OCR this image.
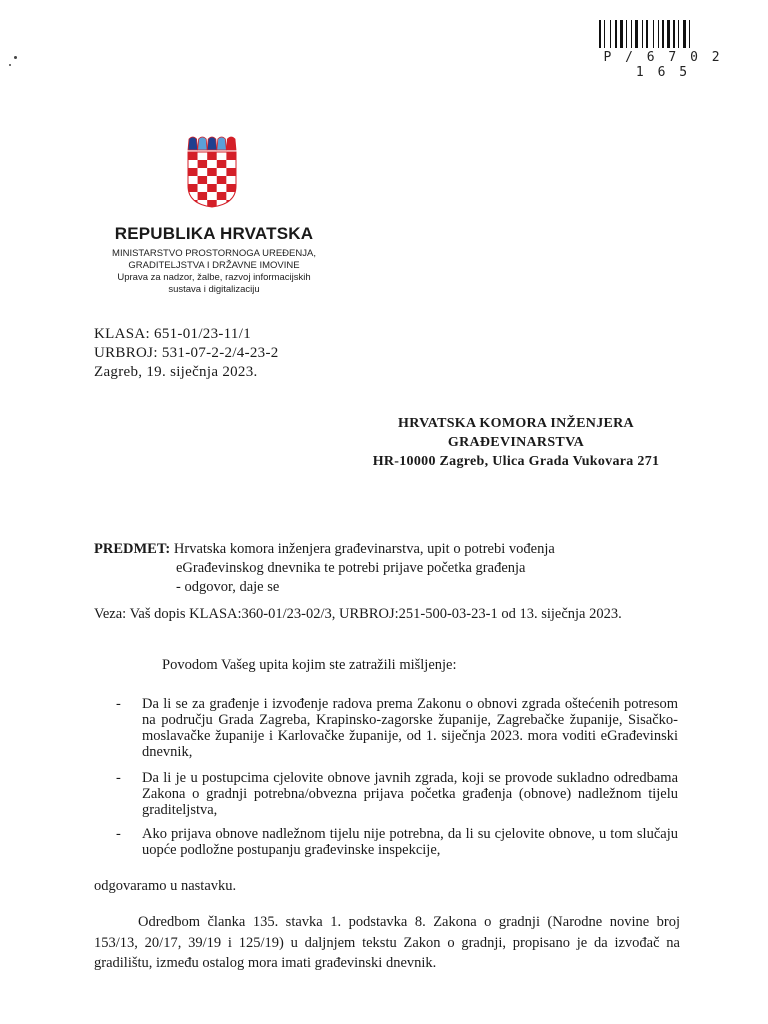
P / 6 7 0 2 1 6 5
REPUBLIKA HRVATSKA
MINISTARSTVO PROSTORNOGA UREĐENJA,
GRADITELJSTVA I DRŽAVNE IMOVINE
Uprava za nadzor, žalbe, razvoj informacijskih
sustava i digitalizaciju
KLASA: 651-01/23-11/1
URBROJ: 531-07-2-2/4-23-2
Zagreb, 19. siječnja 2023.
HRVATSKA KOMORA INŽENJERA
GRAĐEVINARSTVA
HR-10000 Zagreb, Ulica Grada Vukovara 271
PREDMET: Hrvatska komora inženjera građevinarstva, upit o potrebi vođenja
eGrađevinskog dnevnika te potrebi prijave početka građenja
- odgovor, daje se
Veza: Vaš dopis KLASA:360-01/23-02/3, URBROJ:251-500-03-23-1 od 13. siječnja 2023.
Povodom Vašeg upita kojim ste zatražili mišljenje:
- Da li se za građenje i izvođenje radova prema Zakonu o obnovi zgrada oštećenih potresom na području Grada Zagreba, Krapinsko-zagorske županije, Zagrebačke županije, Sisačko-moslavačke županije i Karlovačke županije, od 1. siječnja 2023. mora voditi eGrađevinski dnevnik,
- Da li je u postupcima cjelovite obnove javnih zgrada, koji se provode sukladno odredbama Zakona o gradnji potrebna/obvezna prijava početka građenja (obnove) nadležnom tijelu graditeljstva,
- Ako prijava obnove nadležnom tijelu nije potrebna, da li su cjelovite obnove, u tom slučaju uopće podložne postupanju građevinske inspekcije,
odgovaramo u nastavku.
Odredbom članka 135. stavka 1. podstavka 8. Zakona o gradnji (Narodne novine broj 153/13, 20/17, 39/19 i 125/19) u daljnjem tekstu Zakon o gradnji, propisano je da izvođač na gradilištu, između ostalog mora imati građevinski dnevnik.
